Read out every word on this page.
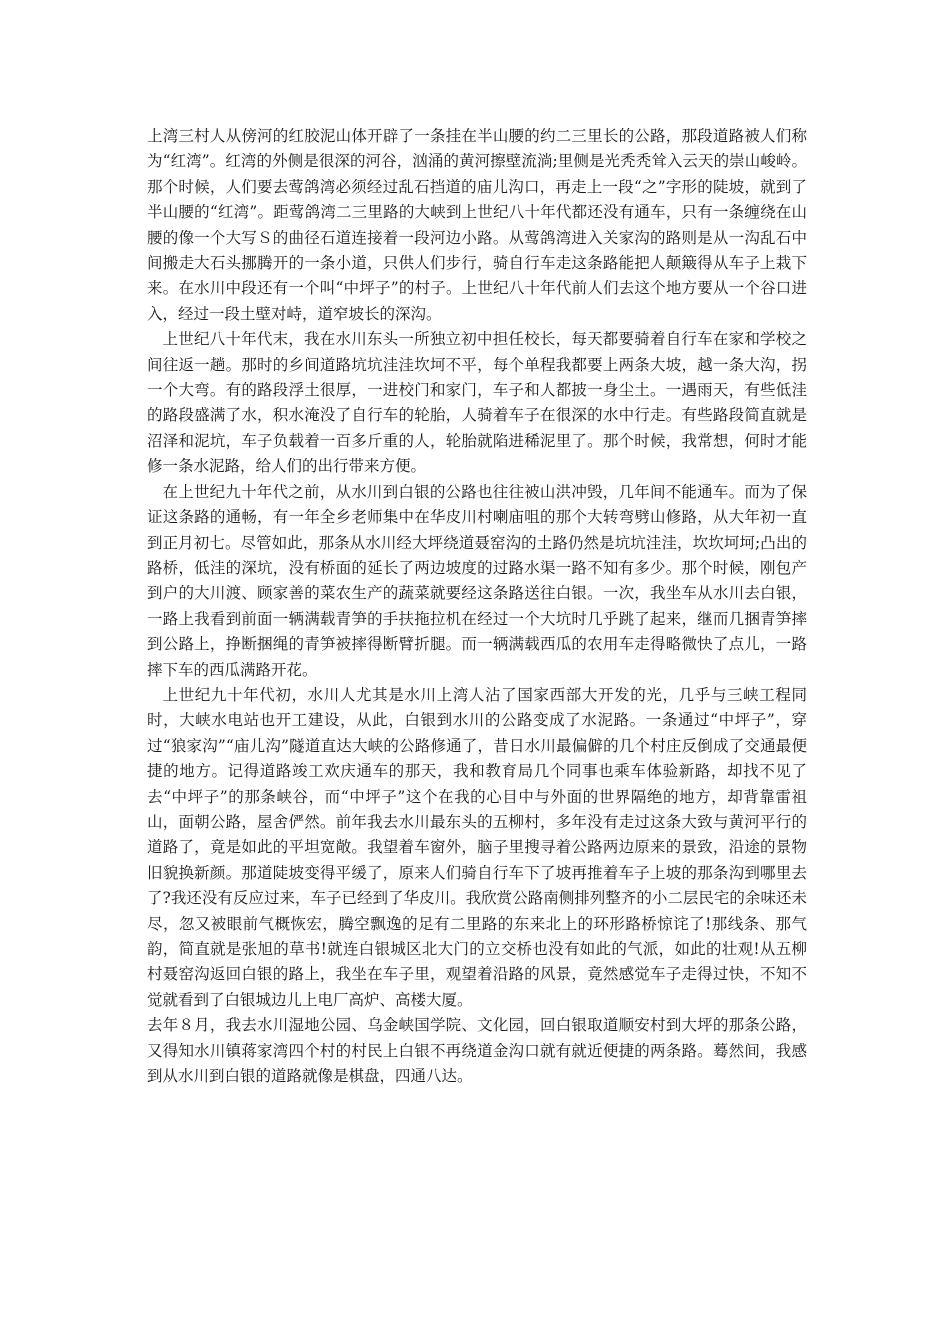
上湾三村人从傍河的红胶泥山体开辟了一条挂在半山腰的约二三里长的公路，那段道路被人们称为“红湾”。红湾的外侧是很深的河谷，汹涌的黄河擦壁流淌;里侧是光秃秃耸入云天的崇山峻岭。那个时候，人们要去莺鸽湾必须经过乱石挡道的庙儿沟口，再走上一段“之”字形的陡坡，就到了半山腰的“红湾”。距莺鸽湾二三里路的大峡到上世纪八十年代都还没有通车，只有一条缠绕在山腰的像一个大写Ｓ的曲径石道连接着一段河边小路。从莺鸽湾进入关家沟的路则是从一沟乱石中间搬走大石头挪腾开的一条小道，只供人们步行，骑自行车走这条路能把人颠簸得从车子上栽下来。在水川中段还有一个叫“中坪子”的村子。上世纪八十年代前人们去这个地方要从一个谷口进入，经过一段土壁对峙，道窄坡长的深沟。

上世纪八十年代末，我在水川东头一所独立初中担任校长，每天都要骑着自行车在家和学校之间往返一趟。那时的乡间道路坑坑洼洼坎坷不平，每个单程我都要上两条大坡，越一条大沟，拐一个大弯。有的路段浮土很厚，一进校门和家门，车子和人都披一身尘土。一遇雨天，有些低洼的路段盛满了水，积水淹没了自行车的轮胎，人骑着车子在很深的水中行走。有些路段简直就是沼泽和泥坑，车子负载着一百多斤重的人，轮胎就陷进稀泥里了。那个时候，我常想，何时才能修一条水泥路，给人们的出行带来方便。

在上世纪九十年代之前，从水川到白银的公路也往往被山洪冲毁，几年间不能通车。而为了保证这条路的通畅，有一年全乡老师集中在华皮川村喇庙咀的那个大转弯劈山修路，从大年初一直到正月初七。尽管如此，那条从水川经大坪绕道聂窑沟的土路仍然是坑坑洼洼，坎坎坷坷;凸出的路桥，低洼的深坑，没有桥面的延长了两边坡度的过路水渠一路不知有多少。那个时候，刚包产到户的大川渡、顾家善的菜农生产的蔬菜就要经这条路送往白银。一次，我坐车从水川去白银，一路上我看到前面一辆满载青笋的手扶拖拉机在经过一个大坑时几乎跳了起来，继而几捆青笋摔到公路上，挣断捆绳的青笋被摔得断臂折腿。而一辆满载西瓜的农用车走得略微快了点儿，一路摔下车的西瓜满路开花。

上世纪九十年代初，水川人尤其是水川上湾人沾了国家西部大开发的光，几乎与三峡工程同时，大峡水电站也开工建设，从此，白银到水川的公路变成了水泥路。一条通过“中坪子”，穿过“狼家沟”“庙儿沟”隧道直达大峡的公路修通了，昔日水川最偏僻的几个村庄反倒成了交通最便捷的地方。记得道路竣工欢庆通车的那天，我和教育局几个同事也乘车体验新路，却找不见了去“中坪子”的那条峡谷，而“中坪子”这个在我的心目中与外面的世界隔绝的地方，却背靠雷祖山，面朝公路，屋舍俨然。前年我去水川最东头的五柳村，多年没有走过这条大致与黄河平行的道路了，竟是如此的平坦宽敞。我望着车窗外，脑子里搜寻着公路两边原来的景致，沿途的景物旧貌换新颜。那道陡坡变得平缓了，原来人们骑自行车下了坡再推着车子上坡的那条沟到哪里去了?我还没有反应过来，车子已经到了华皮川。我欣赏公路南侧排列整齐的小二层民宅的余味还未尽，忽又被眼前气概恢宏，腾空飘逸的足有二里路的东来北上的环形路桥惊诧了!那线条、那气韵，简直就是张旭的草书!就连白银城区北大门的立交桥也没有如此的气派，如此的壮观!从五柳村聂窑沟返回白银的路上，我坐在车子里，观望着沿路的风景，竟然感觉车子走得过快，不知不觉就看到了白银城边儿上电厂高炉、高楼大厦。

去年８月，我去水川湿地公园、乌金峡国学院、文化园，回白银取道顺安村到大坪的那条公路，又得知水川镇蒋家湾四个村的村民上白银不再绕道金沟口就有就近便捷的两条路。蓦然间，我感到从水川到白银的道路就像是棋盘，四通八达。
